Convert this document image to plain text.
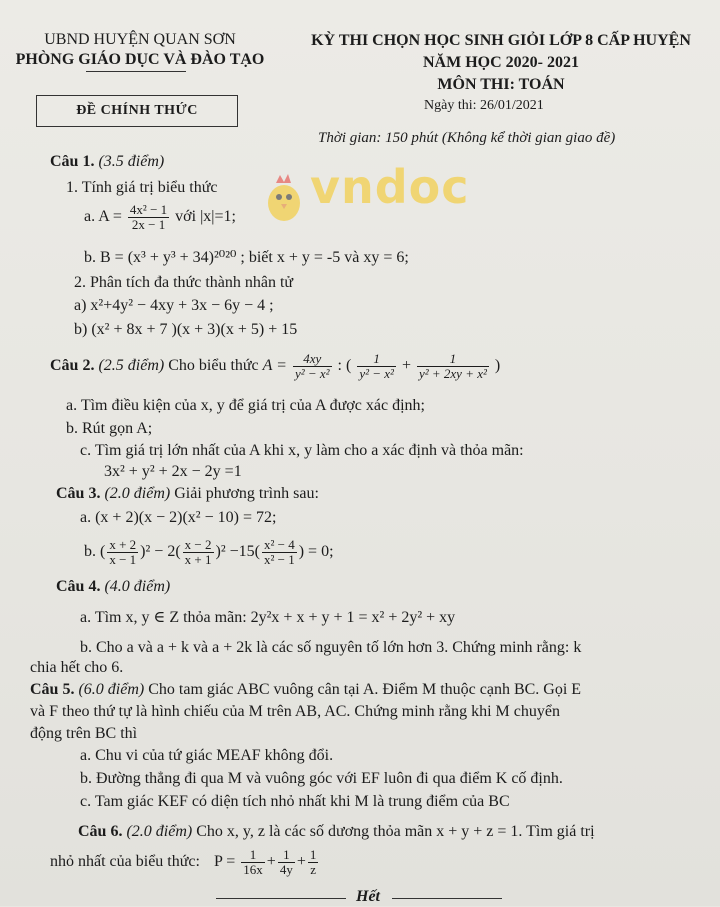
UBND HUYỆN QUAN SƠN
PHÒNG GIÁO DỤC VÀ ĐÀO TẠO
KỲ THI CHỌN HỌC SINH GIỎI LỚP 8 CẤP HUYỆN
NĂM HỌC 2020- 2021
MÔN THI: TOÁN
Ngày thi: 26/01/2021
ĐỀ CHÍNH THỨC
Thời gian: 150 phút (Không kể thời gian giao đề)
vndoc
Câu 1. (3.5 điểm)
1. Tính giá trị biểu thức
a. $A = \frac{\text{4x² − 1}}{2x - 1}$ với |x|=1;
b. B = (x³ + y³ + 34)²⁰²⁰ ; biết x + y = -5 và xy = 6;
2. Phân tích đa thức thành nhân tử
a) x²+4y² − 4xy + 3x − 6y − 4 ;
b) (x² + 8x + 7 )(x + 3)(x + 5) + 15
Câu 2. (2.5 điểm) Cho biểu thức $A = \frac{4xy}{\text{y² − x²}}$ : ( $\frac{1}{\text{y² − x²}} + \frac{1}{\text{y² + 2xy + x²}}$ )
a. Tìm điều kiện của x, y để giá trị của A được xác định;
b. Rút gọn A;
c. Tìm giá trị lớn nhất của A khi x, y làm cho a xác định và thỏa mãn:
3x² + y² + 2x − 2y =1
Câu 3. (2.0 điểm) Giải phương trình sau:
a. (x + 2)(x − 2)(x² − 10) = 72;
b. ( $\frac{x + 2}{x - 1} )^2 - 2( \frac{x - 2}{x + 1} )^2 -15( \frac{\text{x² − 4}}{\text{x² − 1}}$ ) = 0;
Câu 4. (4.0 điểm)
a. Tìm x, y ∈ Z thỏa mãn: 2y²x + x + y + 1 = x² + 2y² + xy
b. Cho a và a + k và a + 2k là các số nguyên tố lớn hơn 3. Chứng minh rằng: k
chia hết cho 6.
Câu 5. (6.0 điểm) Cho tam giác ABC vuông cân tại A. Điểm M thuộc cạnh BC. Gọi E
và F theo thứ tự là hình chiếu của M trên AB, AC. Chứng minh rằng khi M chuyển
động trên BC thì
a. Chu vi của tứ giác MEAF không đổi.
b. Đường thẳng đi qua M và vuông góc với EF luôn đi qua điểm K cố định.
c. Tam giác KEF có diện tích nhỏ nhất khi M là trung điểm của BC
Câu 6. (2.0 điểm) Cho x, y, z là các số dương thỏa mãn x + y + z = 1. Tìm giá trị
nhỏ nhất của biểu thức: $P = \frac{1}{16x} + \frac{1}{4y} + \frac{1}{z}$
Hết
